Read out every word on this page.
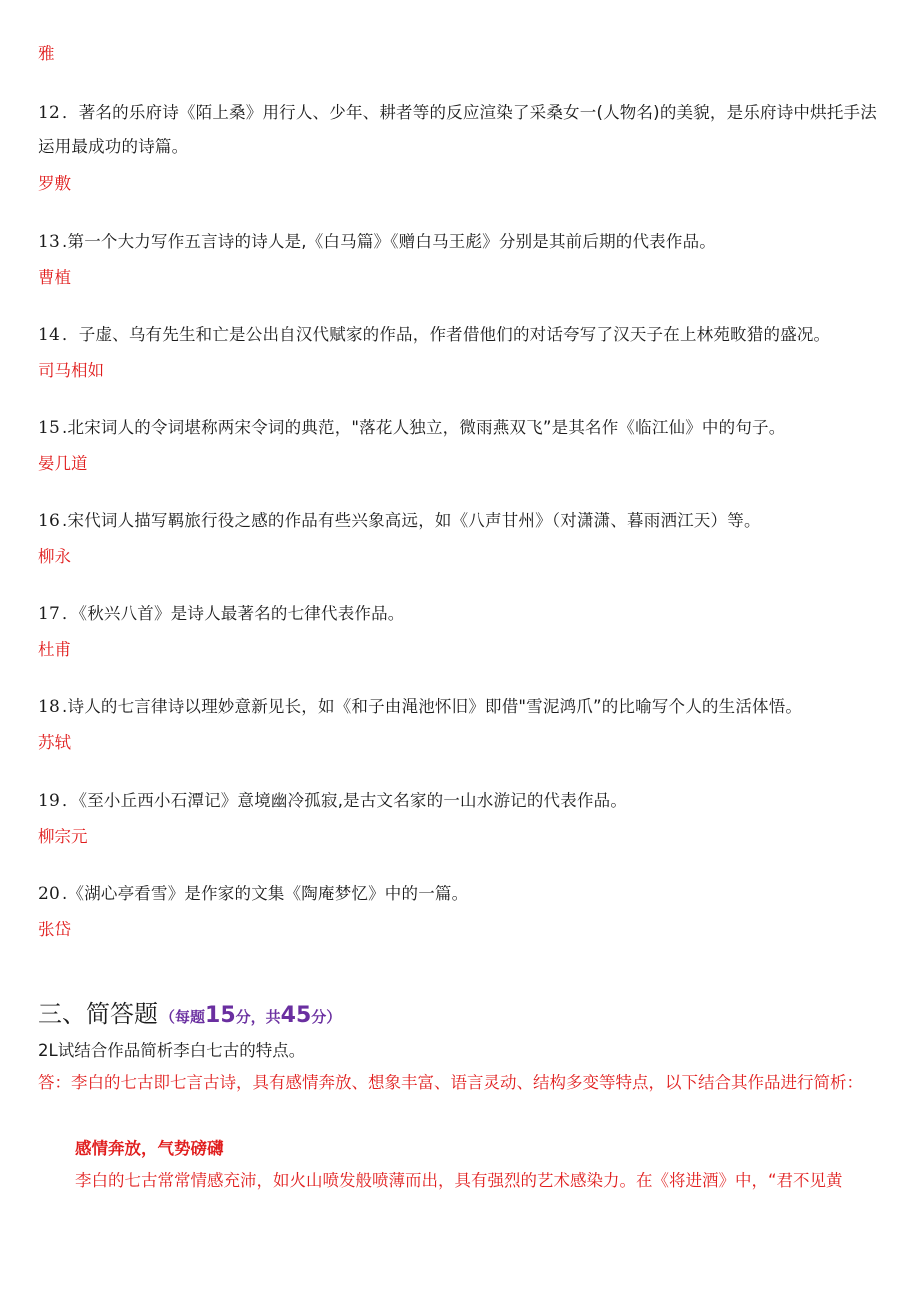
雅
12 ．著名的乐府诗《陌上桑》用行人、少年、耕者等的反应渲染了采桑女一(人物名)的美貌，是乐府诗中烘托手法运用最成功的诗篇。
罗敷
13 .第一个大力写作五言诗的诗人是,《白马篇》《赠白马王彪》分别是其前后期的代表作品。
曹植
14 ．子虚、乌有先生和亡是公出自汉代赋家的作品，作者借他们的对话夸写了汉天子在上林苑畋猎的盛况。
司马相如
15 .北宋词人的令词堪称两宋令词的典范，"落花人独立，微雨燕双飞”是其名作《临江仙》中的句子。
晏几道
16 .宋代词人描写羁旅行役之感的作品有些兴象高远，如《八声甘州》（对潇潇、暮雨洒江天）等。
柳永
17 ．《秋兴八首》是诗人最著名的七律代表作品。
杜甫
18 .诗人的七言律诗以理妙意新见长，如《和子由渑池怀旧》即借"雪泥鸿爪”的比喻写个人的生活体悟。
苏轼
19 ．《至小丘西小石潭记》意境幽冷孤寂,是古文名家的一山水游记的代表作品。
柳宗元
20 .《湖心亭看雪》是作家的文集《陶庵梦忆》中的一篇。
张岱
三、简答题 （每题15分，共45分）
2L试结合作品简析李白七古的特点。
答：李白的七古即七言古诗，具有感情奔放、想象丰富、语言灵动、结构多变等特点，以下结合其作品进行简析：
感情奔放，气势磅礴
李白的七古常常情感充沛，如火山喷发般喷薄而出，具有强烈的艺术感染力。在《将进酒》中，“君不见黄
